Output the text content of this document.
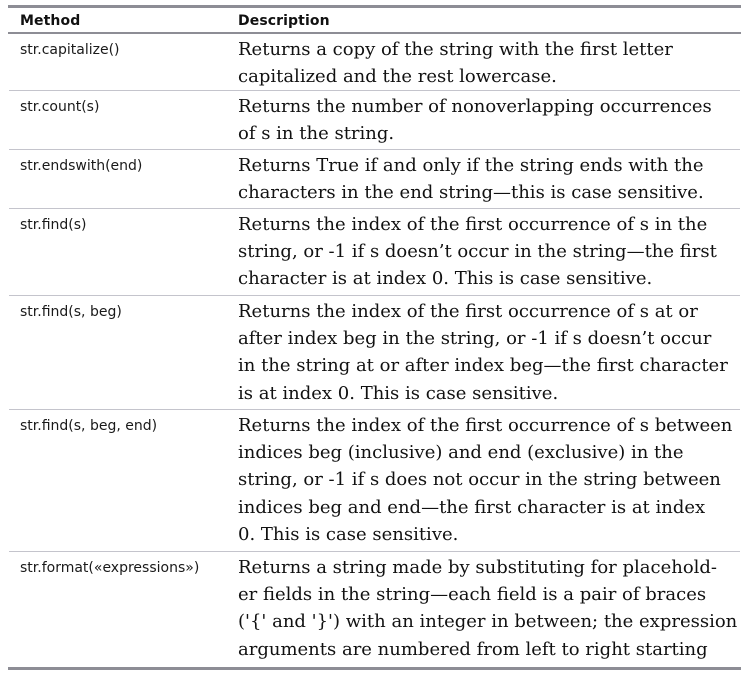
Method	Description
str.capitalize()	Returns a copy of the string with the first letter
capitalized and the rest lowercase.
str.count(s)	Returns the number of nonoverlapping occurrences
of s in the string.
str.endswith(end)	Returns True if and only if the string ends with the
characters in the end string—this is case sensitive.
str.find(s)	Returns the index of the first occurrence of s in the
string, or -1 if s doesn’t occur in the string—the first
character is at index 0. This is case sensitive.
str.find(s, beg)	Returns the index of the first occurrence of s at or
after index beg in the string, or -1 if s doesn’t occur
in the string at or after index beg—the first character
is at index 0. This is case sensitive.
str.find(s, beg, end)	Returns the index of the first occurrence of s between
indices beg (inclusive) and end (exclusive) in the
string, or -1 if s does not occur in the string between
indices beg and end—the first character is at index
0. This is case sensitive.
str.format(«expressions») Returns a string made by substituting for placehold-
er fields in the string—each field is a pair of braces
('{' and '}') with an integer in between; the expression
arguments are numbered from left to right starting
